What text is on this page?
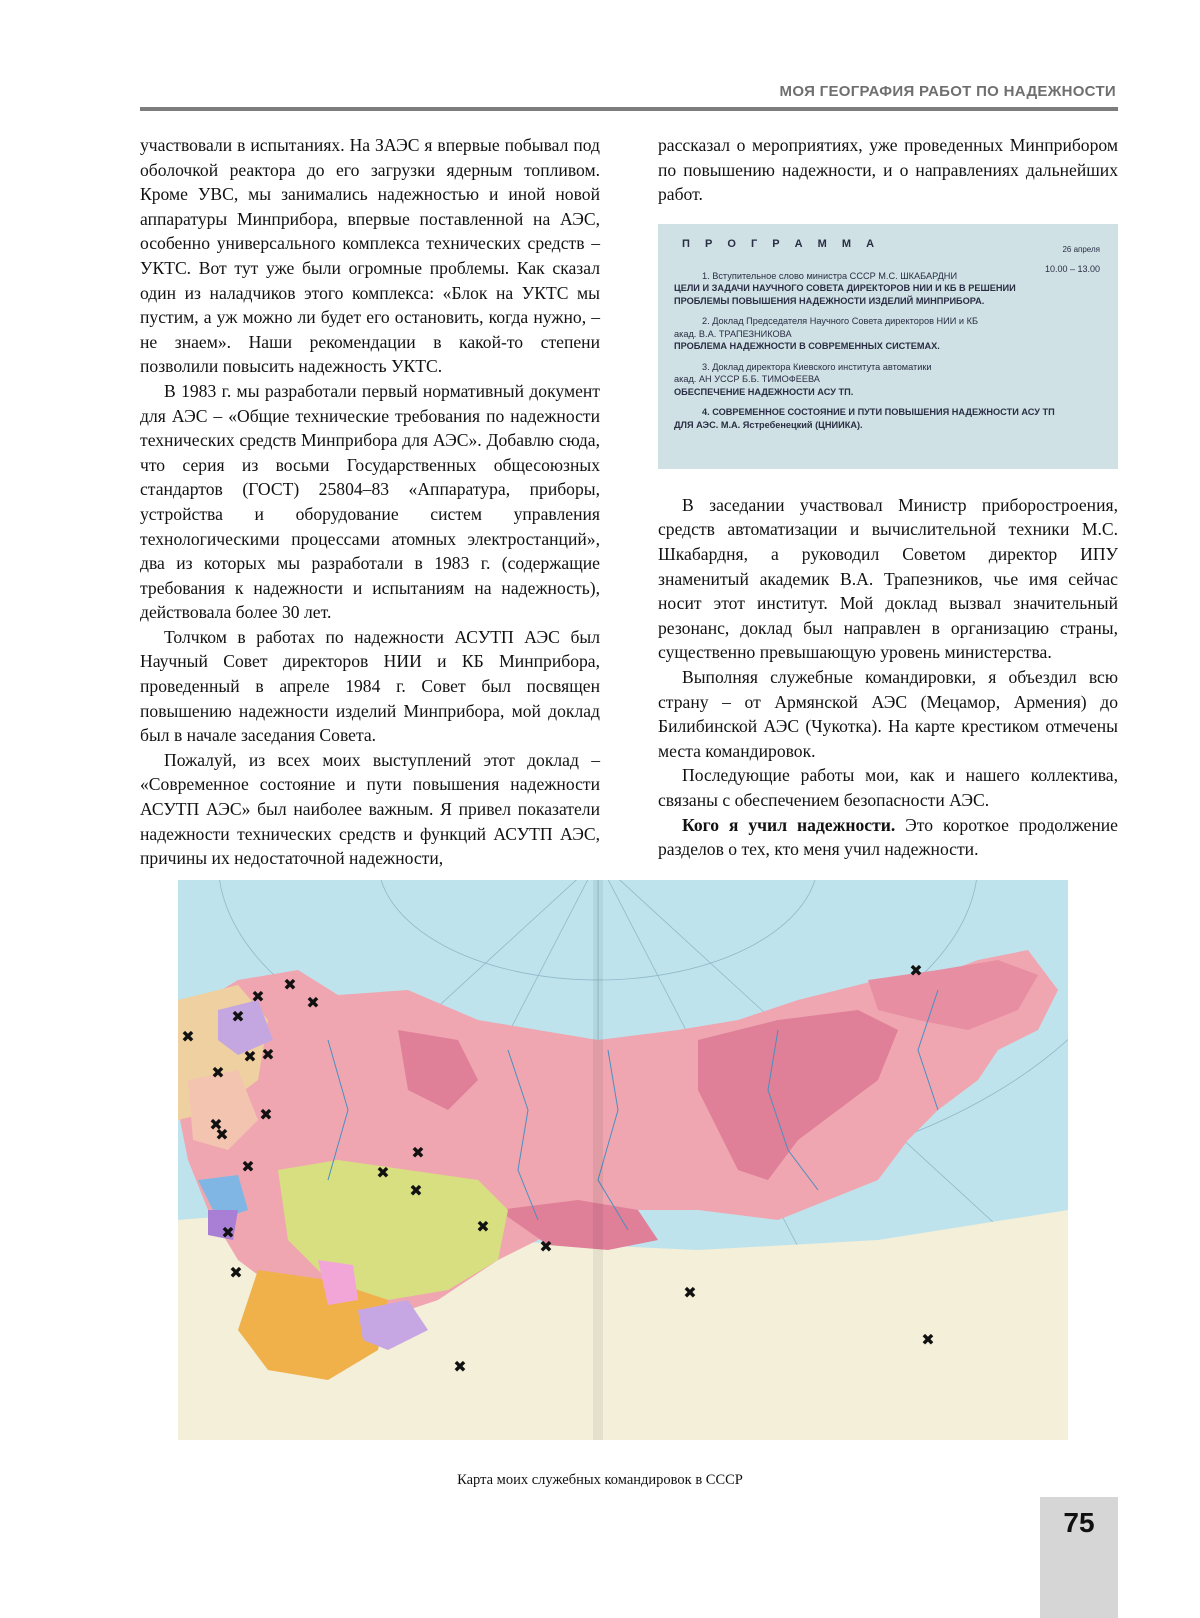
МОЯ ГЕОГРАФИЯ РАБОТ ПО НАДЕЖНОСТИ

участвовали в испытаниях. На ЗАЭС я впервые побывал под оболочкой реактора до его загрузки ядерным топливом. Кроме УВС, мы занимались надежностью и иной новой аппаратуры Минприбора, впервые поставленной на АЭС, особенно универсального комплекса технических средств – УКТС. Вот тут уже были огромные проблемы. Как сказал один из наладчиков этого комплекса: «Блок на УКТС мы пустим, а уж можно ли будет его остановить, когда нужно, – не знаем». Наши рекомендации в какой-то степени позволили повысить надежность УКТС.

В 1983 г. мы разработали первый нормативный документ для АЭС – «Общие технические требования по надежности технических средств Минприбора для АЭС». Добавлю сюда, что серия из восьми Государственных общесоюзных стандартов (ГОСТ) 25804–83 «Аппаратура, приборы, устройства и оборудование систем управления технологическими процессами атомных электростанций», два из которых мы разработали в 1983 г. (содержащие требования к надежности и испытаниям на надежность), действовала более 30 лет.

Толчком в работах по надежности АСУТП АЭС был Научный Совет директоров НИИ и КБ Минприбора, проведенный в апреле 1984 г. Совет был посвящен повышению надежности изделий Минприбора, мой доклад был в начале заседания Совета.

Пожалуй, из всех моих выступлений этот доклад – «Современное состояние и пути повышения надежности АСУТП АЭС» был наиболее важным. Я привел показатели надежности технических средств и функций АСУТП АЭС, причины их недостаточной надежности,

рассказал о мероприятиях, уже проведенных Минприбором по повышению надежности, и о направлениях дальнейших работ.

П Р О Г Р А М М А	26 апреля
10.00 – 13.00
1. Вступительное слово министра СССР М.С. ШКАБАРДНИ
ЦЕЛИ И ЗАДАЧИ НАУЧНОГО СОВЕТА ДИРЕКТОРОВ НИИ И КБ В РЕШЕНИИ
ПРОБЛЕМЫ ПОВЫШЕНИЯ НАДЕЖНОСТИ ИЗДЕЛИЙ МИНПРИБОРА.
2. Доклад Председателя Научного Совета директоров НИИ и КБ
акад. В.А. ТРАПЕЗНИКОВА
ПРОБЛЕМА НАДЕЖНОСТИ В СОВРЕМЕННЫХ СИСТЕМАХ.
3. Доклад директора Киевского института автоматики
акад. АН УССР Б.Б. ТИМОФЕЕВА
ОБЕСПЕЧЕНИЕ НАДЕЖНОСТИ АСУ ТП.
4. СОВРЕМЕННОЕ СОСТОЯНИЕ И ПУТИ ПОВЫШЕНИЯ НАДЕЖНОСТИ АСУ ТП
ДЛЯ АЭС. М.А. Ястребенецкий (ЦНИИКА).

В заседании участвовал Министр приборостроения, средств автоматизации и вычислительной техники М.С. Шкабардня, а руководил Советом директор ИПУ знаменитый академик В.А. Трапезников, чье имя сейчас носит этот институт. Мой доклад вызвал значительный резонанс, доклад был направлен в организацию страны, существенно превышающую уровень министерства.

Выполняя служебные командировки, я объездил всю страну – от Армянской АЭС (Мецамор, Армения) до Билибинской АЭС (Чукотка). На карте крестиком отмечены места командировок.

Последующие работы мои, как и нашего коллектива, связаны с обеспечением безопасности АЭС.

Кого я учил надежности. Это короткое продолжение разделов о тех, кто меня учил надежности.

✖
✖
✖
✖
✖
✖ ✖
✖
✖
✖
✖
✖
✖
✖
✖
✖
✖
✖
✖
✖
✖
✖
✖
Карта моих служебных командировок в СССР
75
